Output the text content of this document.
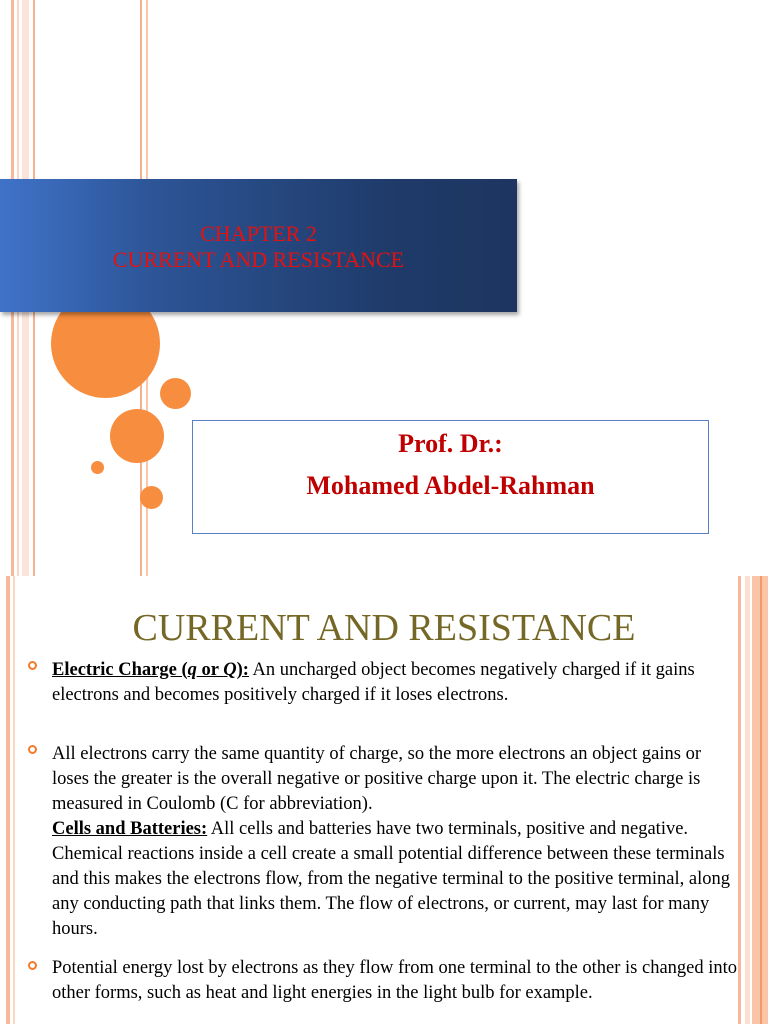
CHAPTER 2
CURRENT AND RESISTANCE
Prof. Dr.:
Mohamed Abdel-Rahman
CURRENT AND RESISTANCE
Electric Charge (q or Q): An uncharged object becomes negatively charged if it gains electrons and becomes positively charged if it loses electrons.
All electrons carry the same quantity of charge, so the more electrons an object gains or loses the greater is the overall negative or positive charge upon it. The electric charge is measured in Coulomb (C for abbreviation).
Cells and Batteries: All cells and batteries have two terminals, positive and negative. Chemical reactions inside a cell create a small potential difference between these terminals and this makes the electrons flow, from the negative terminal to the positive terminal, along any conducting path that links them. The flow of electrons, or current, may last for many hours.
Potential energy lost by electrons as they flow from one terminal to the other is changed into other forms, such as heat and light energies in the light bulb for example.
